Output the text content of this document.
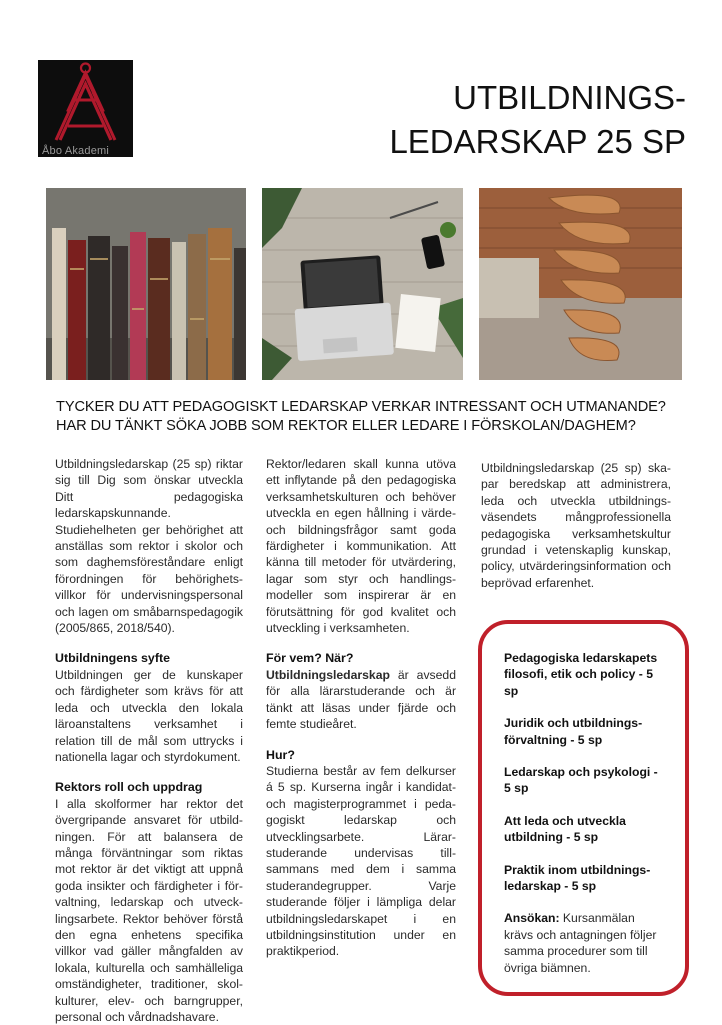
Åbo Akademi
UTBILDNINGS-
LEDARSKAP 25 SP
TYCKER DU ATT PEDAGOGISKT LEDARSKAP VERKAR INTRESSANT OCH UTMANANDE? HAR DU TÄNKT SÖKA JOBB SOM REKTOR ELLER LEDARE I FÖRSKOLAN/DAGHEM?

Utbildningsledarskap (25 sp) riktar sig till Dig som önskar utveckla Ditt pedagogiska ledarskapskunnande. Studiehelheten ger behörighet att anställas som rektor i skolor och som daghemsföreståndare enligt förordningen för behörighets-villkor för undervisningspersonal och lagen om småbarnspedagogik (2005/865, 2018/540).

Utbildningens syfte

Utbildningen ger de kunskaper och färdigheter som krävs för att leda och utveckla den lokala läroanstaltens verksamhet i relation till de mål som uttrycks i nationella lagar och styrdokument.

Rektors roll och uppdrag

I alla skolformer har rektor det övergripande ansvaret för utbild-ningen. För att balansera de många förväntningar som riktas mot rektor är det viktigt att uppnå goda insikter och färdigheter i för-valtning, ledarskap och utveck-lingsarbete. Rektor behöver förstå den egna enhetens specifika villkor vad gäller mångfalden av lokala, kulturella och samhälleliga omständigheter, traditioner, skol-kulturer, elev- och barngrupper, personal och vårdnadshavare.

Rektor/ledaren skall kunna utöva ett inflytande på den pedagogiska verksamhetskulturen och behöver utveckla en egen hållning i värde-och bildningsfrågor samt goda färdigheter i kommunikation. Att känna till metoder för utvärdering, lagar som styr och handlings-modeller som inspirerar är en förutsättning för god kvalitet och utveckling i verksamheten.

För vem? När?

Utbildningsledarskap är avsedd för alla lärarstuderande och är tänkt att läsas under fjärde och femte studieåret.

Hur?

Studierna består av fem delkurser á 5 sp. Kurserna ingår i kandidat- och magisterprogrammet i peda-gogiskt ledarskap och utvecklingsarbete. Lärar-studerande undervisas till-sammans med dem i samma studerandegrupper. Varje studerande följer i lämpliga delar utbildningsledarskapet i en utbildningsinstitution under en praktikperiod.

Utbildningsledarskap (25 sp) ska-par beredskap att administrera, leda och utveckla utbildnings-väsendets mångprofessionella pedagogiska verksamhetskultur grundad i vetenskaplig kunskap, policy, utvärderingsinformation och beprövad erfarenhet.

Pedagogiska ledarskapets filosofi, etik och policy - 5 sp
Juridik och utbildnings-förvaltning - 5 sp
Ledarskap och psykologi - 5 sp
Att leda och utveckla utbildning - 5 sp
Praktik inom utbildnings-ledarskap - 5 sp
Ansökan: Kursanmälan krävs och antagningen följer samma procedurer som till övriga biämnen.
